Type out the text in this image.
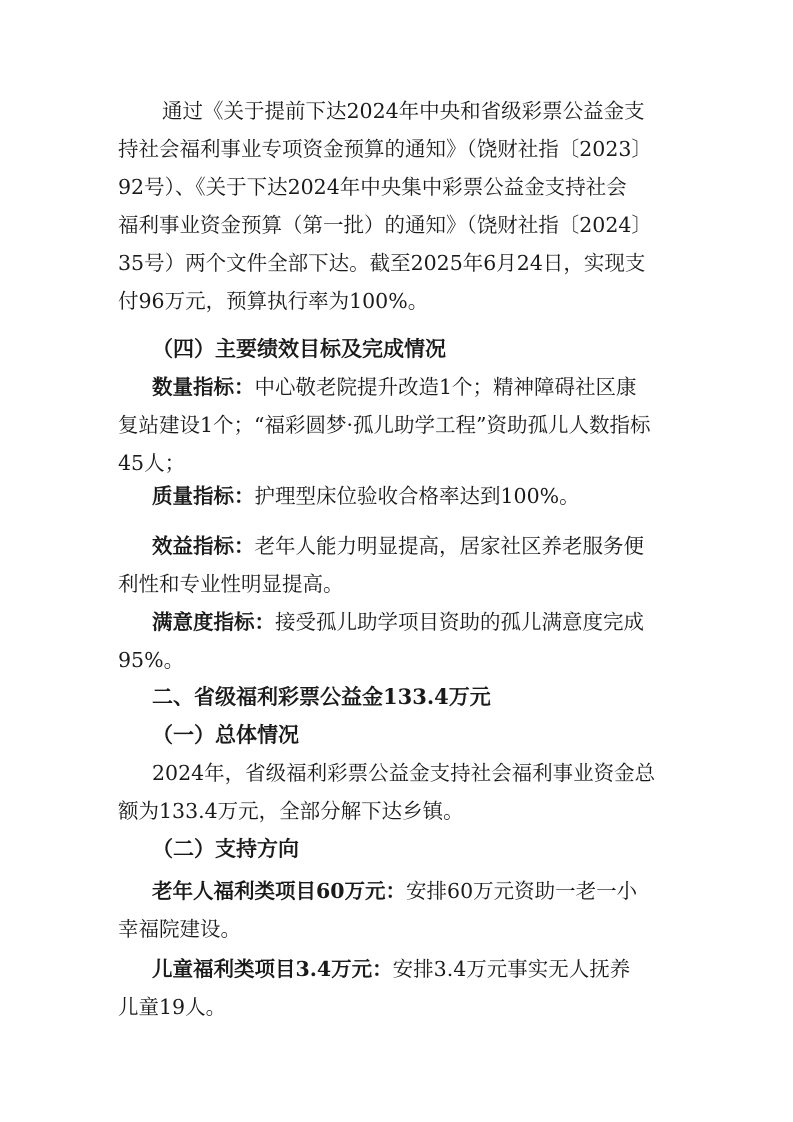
通过《关于提前下达2024年中央和省级彩票公益金支
持社会福利事业专项资金预算的通知》（饶财社指〔2023〕
92号）、《关于下达2024年中央集中彩票公益金支持社会
福利事业资金预算（第一批）的通知》（饶财社指〔2024〕
35号）两个文件全部下达。截至2025年6月24日，实现支
付96万元，预算执行率为100%。
（四）主要绩效目标及完成情况
数量指标：中心敬老院提升改造1个；精神障碍社区康
复站建设1个；“福彩圆梦·孤儿助学工程”资助孤儿人数指标
45人；
质量指标：护理型床位验收合格率达到100%。
效益指标：老年人能力明显提高，居家社区养老服务便
利性和专业性明显提高。
满意度指标：接受孤儿助学项目资助的孤儿满意度完成
95%。
二、省级福利彩票公益金133.4万元
（一）总体情况
2024年，省级福利彩票公益金支持社会福利事业资金总
额为133.4万元，全部分解下达乡镇。
（二）支持方向
老年人福利类项目60万元：安排60万元资助一老一小
幸福院建设。
儿童福利类项目3.4万元：安排3.4万元事实无人抚养
儿童19人。
